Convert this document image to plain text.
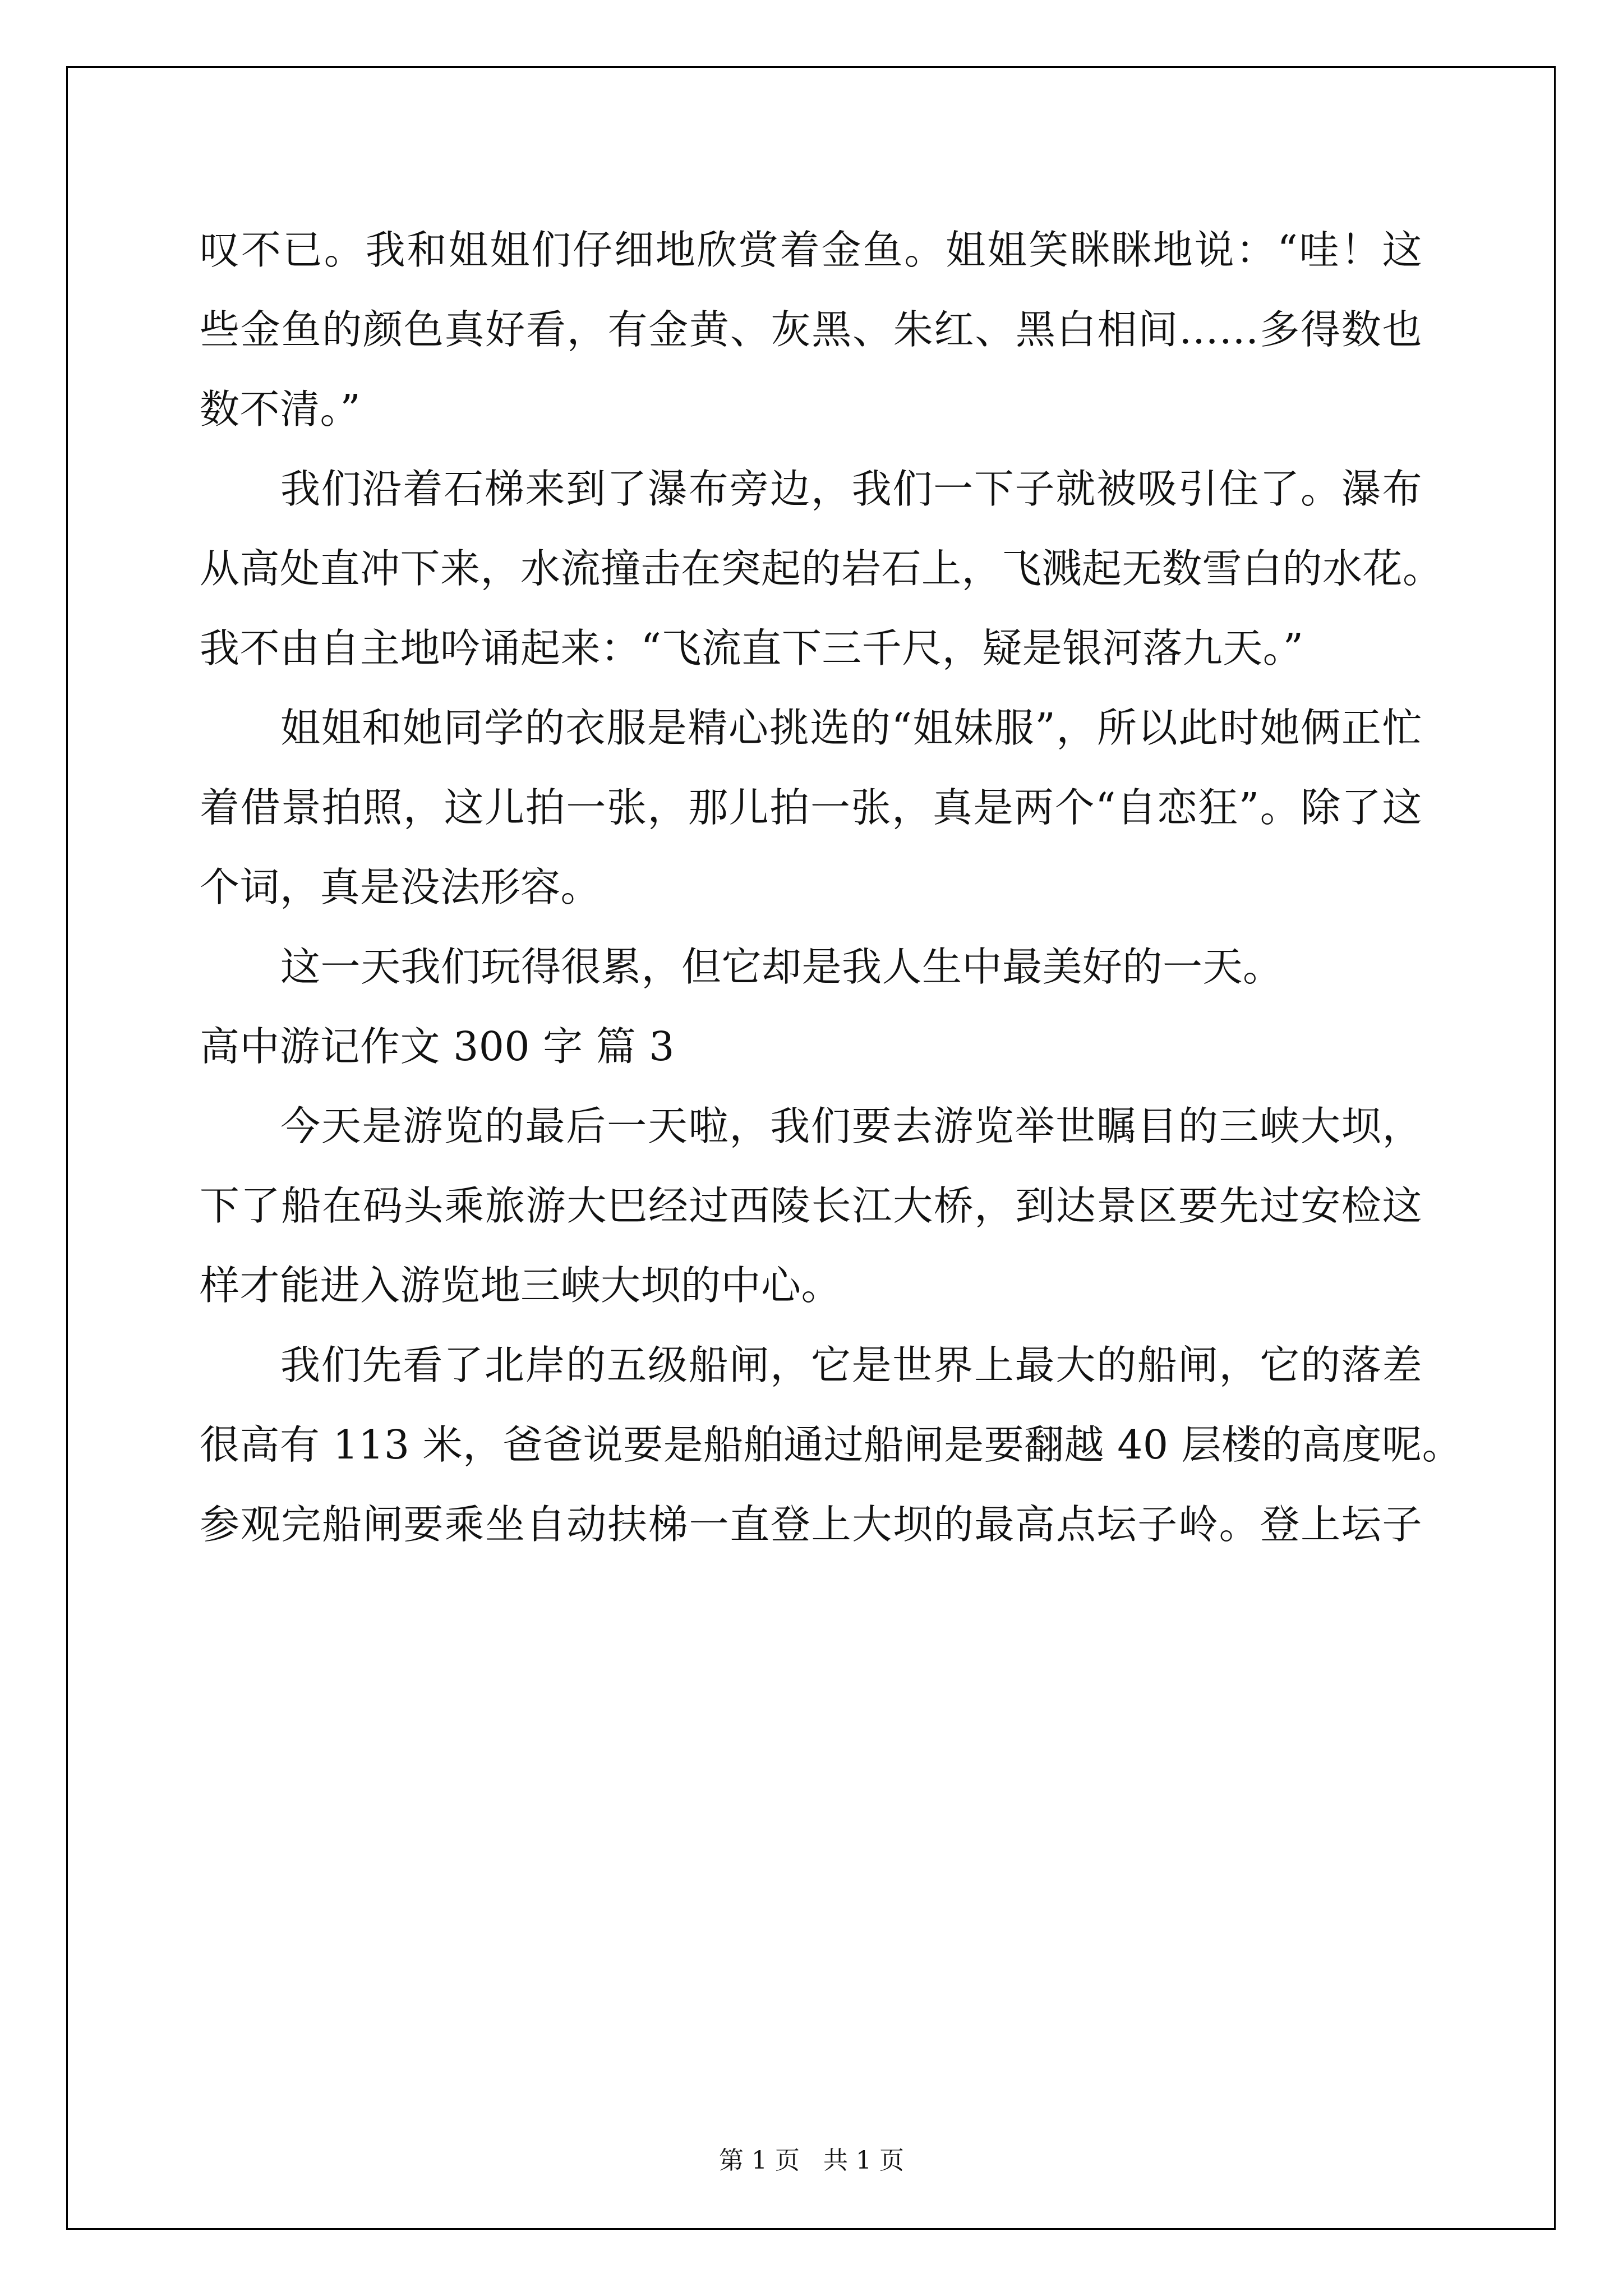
叹不已。我和姐姐们仔细地欣赏着金鱼。姐姐笑眯眯地说：“哇！这
些金鱼的颜色真好看，有金黄、灰黑、朱红、黑白相间……多得数也
数不清。”
我们沿着石梯来到了瀑布旁边，我们一下子就被吸引住了。瀑布
从高处直冲下来，水流撞击在突起的岩石上，飞溅起无数雪白的水花。
我不由自主地吟诵起来：“飞流直下三千尺，疑是银河落九天。”
姐姐和她同学的衣服是精心挑选的“姐妹服”，所以此时她俩正忙
着借景拍照，这儿拍一张，那儿拍一张，真是两个“自恋狂”。除了这
个词，真是没法形容。
这一天我们玩得很累，但它却是我人生中最美好的一天。
高中游记作文 300 字 篇 3
今天是游览的最后一天啦，我们要去游览举世瞩目的三峡大坝，
下了船在码头乘旅游大巴经过西陵长江大桥，到达景区要先过安检这
样才能进入游览地三峡大坝的中心。
我们先看了北岸的五级船闸，它是世界上最大的船闸，它的落差
很高有 113 米，爸爸说要是船舶通过船闸是要翻越 40 层楼的高度呢。
参观完船闸要乘坐自动扶梯一直登上大坝的最高点坛子岭。登上坛子
第 1 页   共 1 页
